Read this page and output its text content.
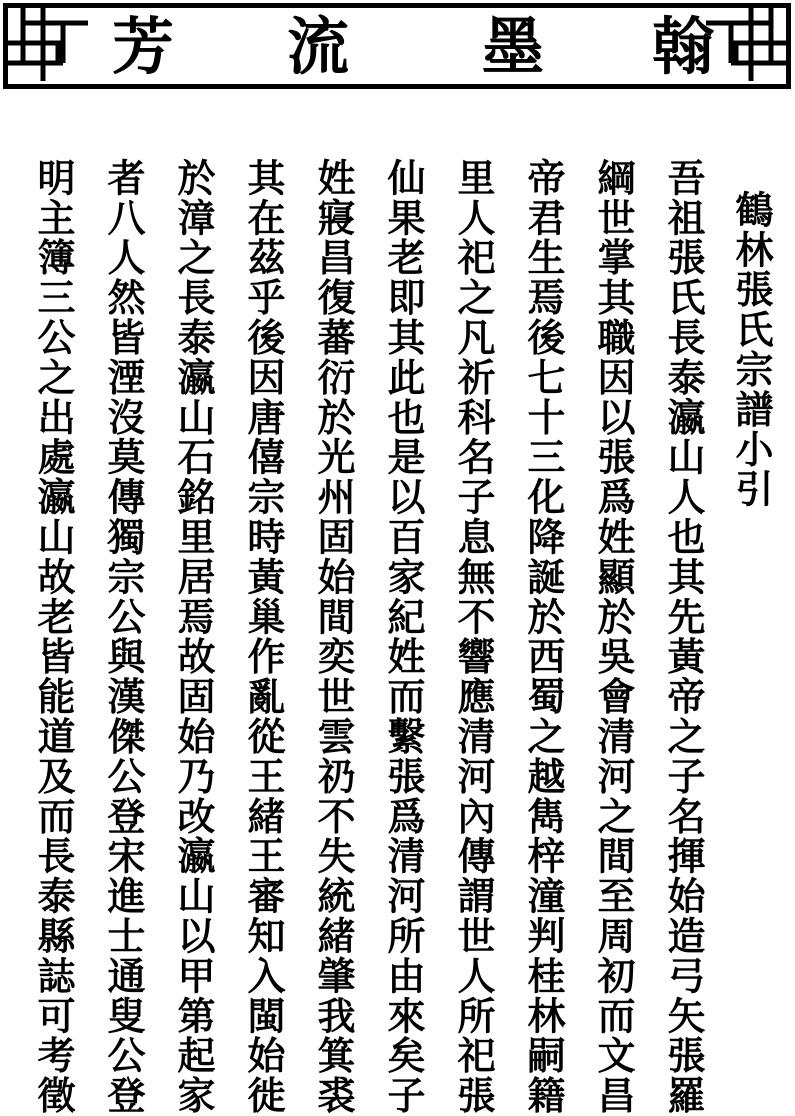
芳 流 墨 翰
鶴林張氏宗譜小引
吾祖張氏長泰瀛山人也其先黃帝之子名揮始造弓矢張羅
綱世掌其職因以張爲姓顯於吳會清河之間至周初而文昌
帝君生焉後七十三化降誕於西蜀之越雋梓潼判桂林嗣籍
里人祀之凡祈科名子息無不響應清河內傳謂世人所祀張
仙果老即其此也是以百家紀姓而繫張爲清河所由來矣子
姓寢昌復蕃衍於光州固始間奕世雲礽不失統緒肇我箕裘
其在茲乎後因唐僖宗時黃巢作亂從王緒王審知入閩始徙
於漳之長泰瀛山石銘里居焉故固始乃改瀛山以甲第起家
者八人然皆湮沒莫傳獨宗公與漢傑公登宋進士通叟公登
明主簿三公之出處瀛山故老皆能道及而長泰縣誌可考徵
